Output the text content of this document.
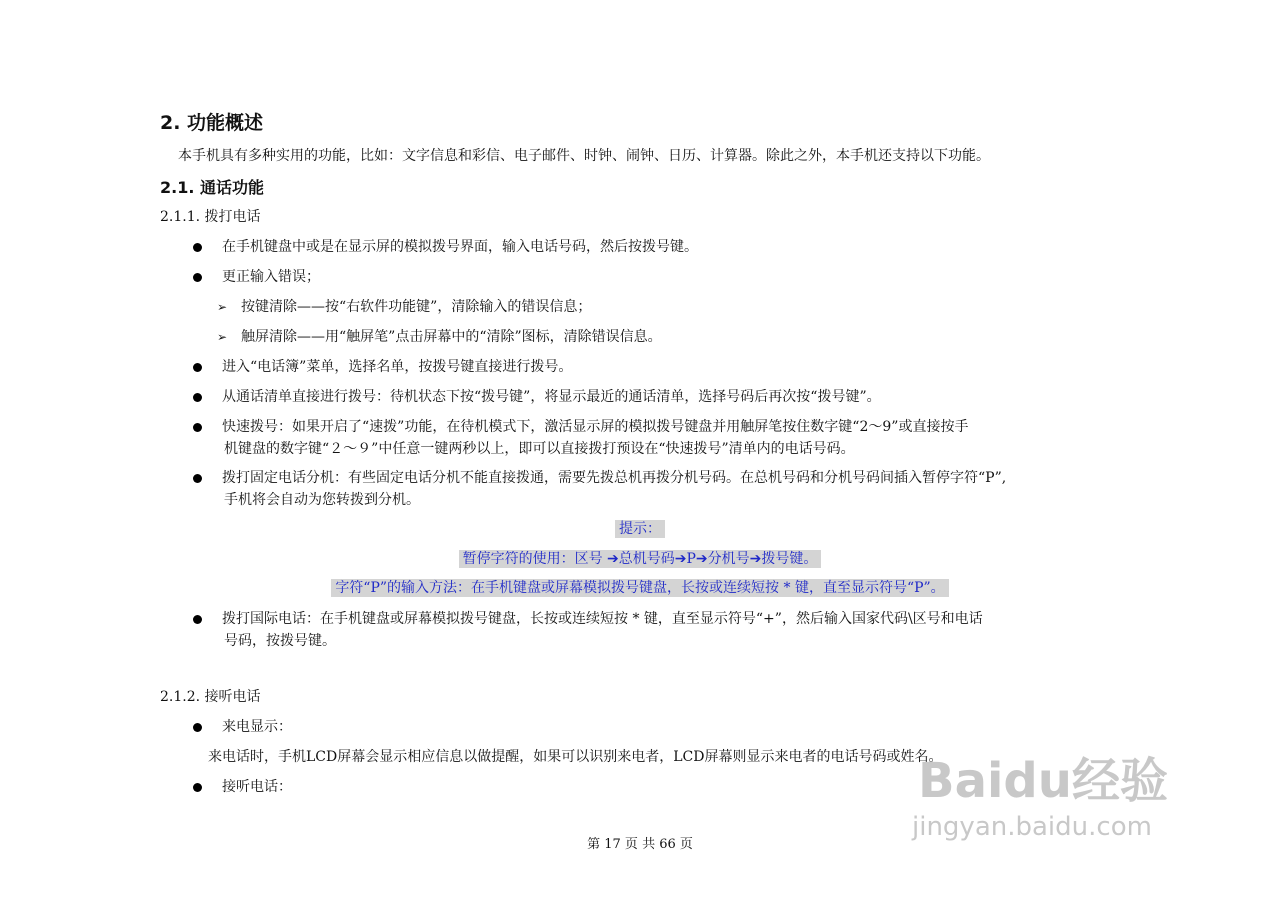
2. 功能概述
本手机具有多种实用的功能，比如：文字信息和彩信、电子邮件、时钟、闹钟、日历、计算器。除此之外，本手机还支持以下功能。
2.1. 通话功能
2.1.1. 拨打电话
在手机键盘中或是在显示屏的模拟拨号界面，输入电话号码，然后按拨号键。
更正输入错误；
➢ 按键清除——按“右软件功能键”，清除输入的错误信息；
➢ 触屏清除——用“触屏笔”点击屏幕中的“清除”图标，清除错误信息。
进入“电话簿”菜单，选择名单，按拨号键直接进行拨号。
从通话清单直接进行拨号：待机状态下按“拨号键”，将显示最近的通话清单，选择号码后再次按“拨号键”。
快速拨号：如果开启了“速拨”功能，在待机模式下，激活显示屏的模拟拨号键盘并用触屏笔按住数字键“2～9”或直接按手
机键盘的数字键“２～９”中任意一键两秒以上，即可以直接拨打预设在“快速拨号”清单内的电话号码。
拨打固定电话分机：有些固定电话分机不能直接拨通，需要先拨总机再拨分机号码。在总机号码和分机号码间插入暂停字符“P”,
手机将会自动为您转拨到分机。
提示：
暂停字符的使用：区号 ➔总机号码➔P➔分机号➔拨号键。
字符“P”的输入方法：在手机键盘或屏幕模拟拨号键盘，长按或连续短按 * 键，直至显示符号“P”。
拨打国际电话：在手机键盘或屏幕模拟拨号键盘，长按或连续短按 * 键，直至显示符号“+”，然后输入国家代码\区号和电话
号码，按拨号键。
2.1.2. 接听电话
来电显示：
来电话时，手机LCD屏幕会显示相应信息以做提醒，如果可以识别来电者，LCD屏幕则显示来电者的电话号码或姓名。
接听电话：	Baidu经验
jingyan.baidu.com
第 17 页 共 66 页
